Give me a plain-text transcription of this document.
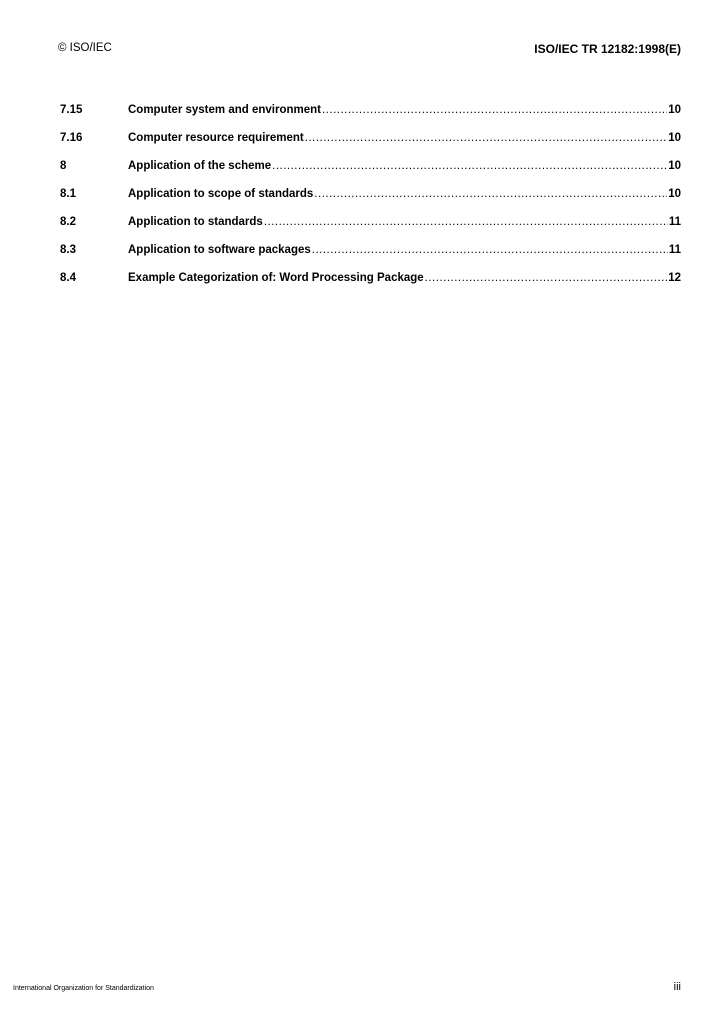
© ISO/IEC	ISO/IEC TR 12182:1998(E)
7.15	Computer system and environment .....	10
7.16	Computer resource requirement .....	10
8	Application of the scheme .....	10
8.1	Application to scope of standards .....	10
8.2	Application to standards .....	11
8.3	Application to software packages .....	11
8.4	Example Categorization of: Word Processing Package .....	12
International Organization for Standardization	iii
